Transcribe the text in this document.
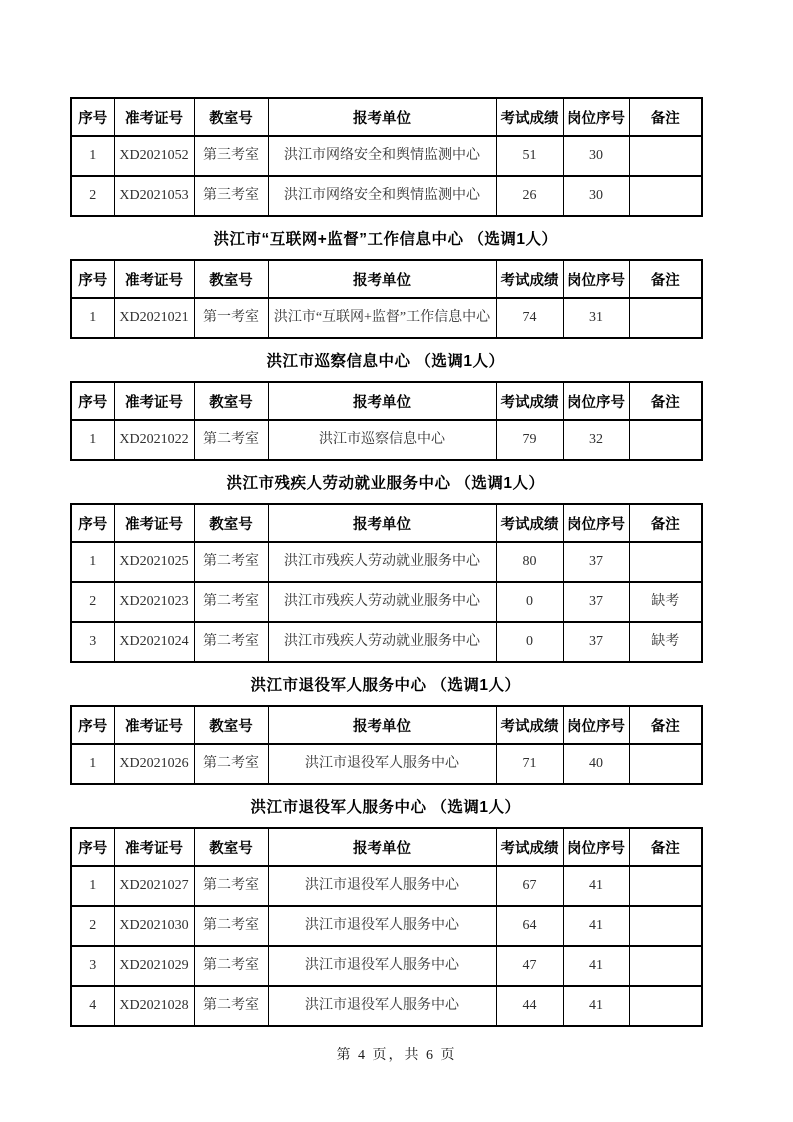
序号	准考证号	教室号	报考单位	考试成绩	岗位序号	备注
1	XD2021052	第三考室	洪江市网络安全和舆情监测中心	51	30	
2	XD2021053	第三考室	洪江市网络安全和舆情监测中心	26	30	
洪江市“互联网+监督”工作信息中心 （选调1人）
序号	准考证号	教室号	报考单位	考试成绩	岗位序号	备注
1	XD2021021	第一考室	洪江市“互联网+监督”工作信息中心	74	31	
洪江市巡察信息中心 （选调1人）
序号	准考证号	教室号	报考单位	考试成绩	岗位序号	备注
1	XD2021022	第二考室	洪江市巡察信息中心	79	32	
洪江市残疾人劳动就业服务中心 （选调1人）
序号	准考证号	教室号	报考单位	考试成绩	岗位序号	备注
1	XD2021025	第二考室	洪江市残疾人劳动就业服务中心	80	37	
2	XD2021023	第二考室	洪江市残疾人劳动就业服务中心	0	37	缺考
3	XD2021024	第二考室	洪江市残疾人劳动就业服务中心	0	37	缺考
洪江市退役军人服务中心 （选调1人）
序号	准考证号	教室号	报考单位	考试成绩	岗位序号	备注
1	XD2021026	第二考室	洪江市退役军人服务中心	71	40	
洪江市退役军人服务中心 （选调1人）
序号	准考证号	教室号	报考单位	考试成绩	岗位序号	备注
1	XD2021027	第二考室	洪江市退役军人服务中心	67	41	
2	XD2021030	第二考室	洪江市退役军人服务中心	64	41	
3	XD2021029	第二考室	洪江市退役军人服务中心	47	41	
4	XD2021028	第二考室	洪江市退役军人服务中心	44	41	
第 4 页，共 6 页
